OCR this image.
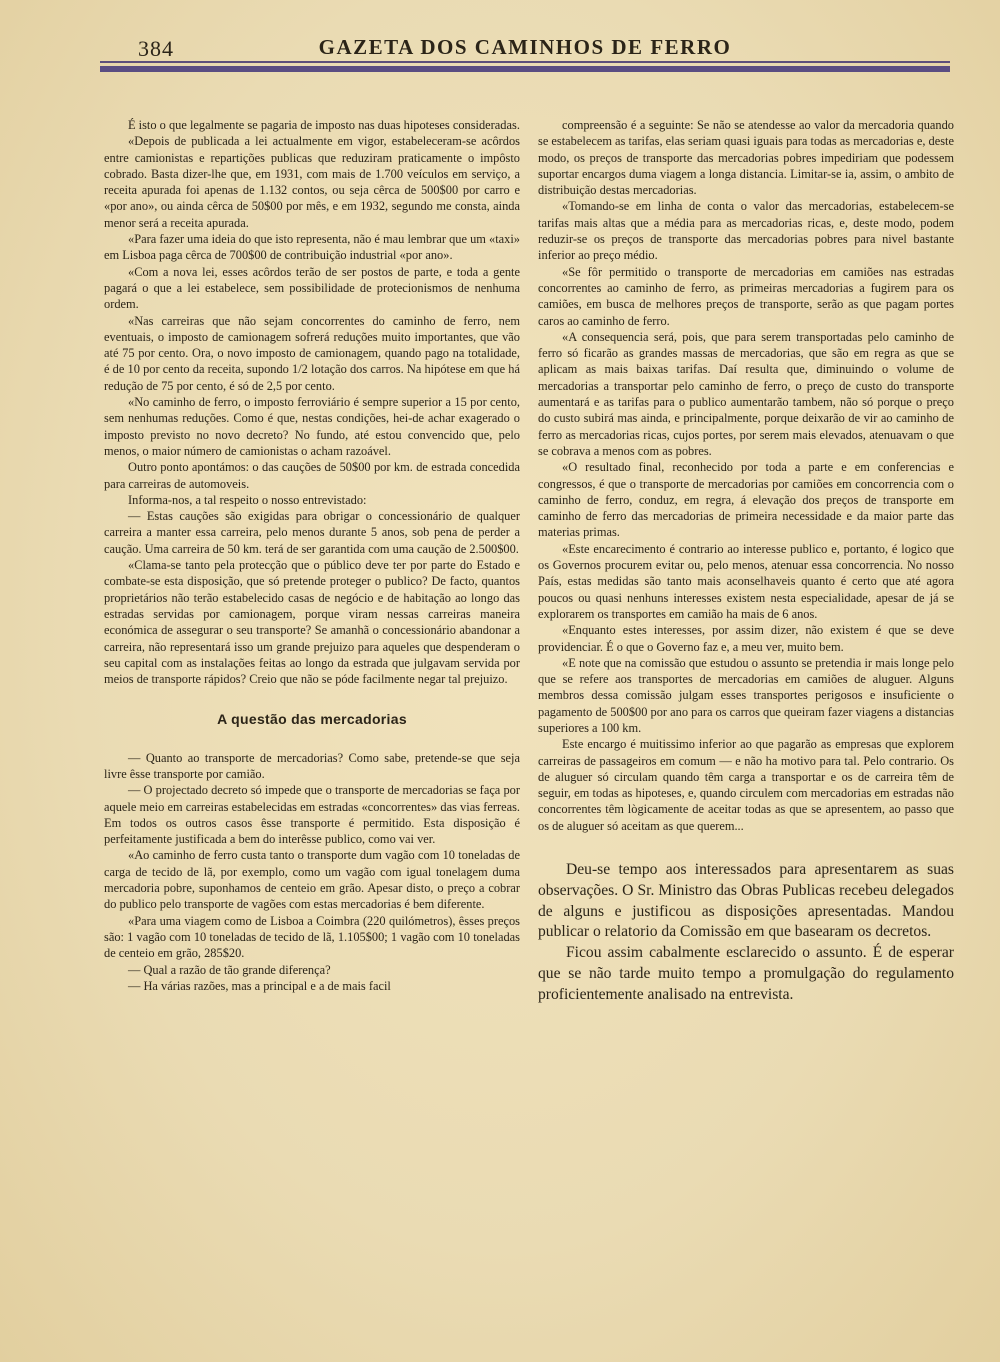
384	GAZETA DOS CAMINHOS DE FERRO

É isto o que legalmente se pagaria de imposto nas duas hipoteses consideradas.

«Depois de publicada a lei actualmente em vigor, estabeleceram-se acôrdos entre camionistas e repartições publicas que reduziram praticamente o impôsto cobrado. Basta dizer-lhe que, em 1931, com mais de 1.700 veículos em serviço, a receita apurada foi apenas de 1.132 contos, ou seja cêrca de 500$00 por carro e «por ano», ou ainda cêrca de 50$00 por mês, e em 1932, segundo me consta, ainda menor será a receita apurada.

«Para fazer uma ideia do que isto representa, não é mau lembrar que um «taxi» em Lisboa paga cêrca de 700$00 de contribuição industrial «por ano».

«Com a nova lei, esses acôrdos terão de ser postos de parte, e toda a gente pagará o que a lei estabelece, sem possibilidade de protecionismos de nenhuma ordem.

«Nas carreiras que não sejam concorrentes do caminho de ferro, nem eventuais, o imposto de camionagem sofrerá reduções muito importantes, que vão até 75 por cento. Ora, o novo imposto de camionagem, quando pago na totalidade, é de 10 por cento da receita, supondo 1/2 lotação dos carros. Na hipótese em que há redução de 75 por cento, é só de 2,5 por cento.

«No caminho de ferro, o imposto ferroviário é sempre superior a 15 por cento, sem nenhumas reduções. Como é que, nestas condições, hei-de achar exagerado o imposto previsto no novo decreto? No fundo, até estou convencido que, pelo menos, o maior número de camionistas o acham razoável.

Outro ponto apontámos: o das cauções de 50$00 por km. de estrada concedida para carreiras de automoveis.

Informa-nos, a tal respeito o nosso entrevistado:

— Estas cauções são exigidas para obrigar o concessionário de qualquer carreira a manter essa carreira, pelo menos durante 5 anos, sob pena de perder a caução. Uma carreira de 50 km. terá de ser garantida com uma caução de 2.500$00.

«Clama-se tanto pela protecção que o público deve ter por parte do Estado e combate-se esta disposição, que só pretende proteger o publico? De facto, quantos proprietários não terão estabelecido casas de negócio e de habitação ao longo das estradas servidas por camionagem, porque viram nessas carreiras maneira económica de assegurar o seu transporte? Se amanhã o concessionário abandonar a carreira, não representará isso um grande prejuizo para aqueles que despenderam o seu capital com as instalações feitas ao longo da estrada que julgavam servida por meios de transporte rápidos? Creio que não se póde facilmente negar tal prejuizo.

A questão das mercadorias

— Quanto ao transporte de mercadorias? Como sabe, pretende-se que seja livre êsse transporte por camião.

— O projectado decreto só impede que o transporte de mercadorias se faça por aquele meio em carreiras estabelecidas em estradas «concorrentes» das vias ferreas. Em todos os outros casos êsse transporte é permitido. Esta disposição é perfeitamente justificada a bem do interêsse publico, como vai ver.

«Ao caminho de ferro custa tanto o transporte dum vagão com 10 toneladas de carga de tecido de lã, por exemplo, como um vagão com igual tonelagem duma mercadoria pobre, suponhamos de centeio em grão. Apesar disto, o preço a cobrar do publico pelo transporte de vagões com estas mercadorias é bem diferente.

«Para uma viagem como de Lisboa a Coimbra (220 quilómetros), êsses preços são: 1 vagão com 10 toneladas de tecido de lã, 1.105$00; 1 vagão com 10 toneladas de centeio em grão, 285$20.

— Qual a razão de tão grande diferença?

— Ha várias razões, mas a principal e a de mais facil

compreensão é a seguinte: Se não se atendesse ao valor da mercadoria quando se estabelecem as tarifas, elas seriam quasi iguais para todas as mercadorias e, deste modo, os preços de transporte das mercadorias pobres impediriam que podessem suportar encargos duma viagem a longa distancia. Limitar-se ia, assim, o ambito de distribuição destas mercadorias.

«Tomando-se em linha de conta o valor das mercadorias, estabelecem-se tarifas mais altas que a média para as mercadorias ricas, e, deste modo, podem reduzir-se os preços de transporte das mercadorias pobres para nivel bastante inferior ao preço médio.

«Se fôr permitido o transporte de mercadorias em camiões nas estradas concorrentes ao caminho de ferro, as primeiras mercadorias a fugirem para os camiões, em busca de melhores preços de transporte, serão as que pagam portes caros ao caminho de ferro.

«A consequencia será, pois, que para serem transportadas pelo caminho de ferro só ficarão as grandes massas de mercadorias, que são em regra as que se aplicam as mais baixas tarifas. Daí resulta que, diminuindo o volume de mercadorias a transportar pelo caminho de ferro, o preço de custo do transporte aumentará e as tarifas para o publico aumentarão tambem, não só porque o preço do custo subirá mas ainda, e principalmente, porque deixarão de vir ao caminho de ferro as mercadorias ricas, cujos portes, por serem mais elevados, atenuavam o que se cobrava a menos com as pobres.

«O resultado final, reconhecido por toda a parte e em conferencias e congressos, é que o transporte de mercadorias por camiões em concorrencia com o caminho de ferro, conduz, em regra, á elevação dos preços de transporte em caminho de ferro das mercadorias de primeira necessidade e da maior parte das materias primas.

«Este encarecimento é contrario ao interesse publico e, portanto, é logico que os Governos procurem evitar ou, pelo menos, atenuar essa concorrencia. No nosso País, estas medidas são tanto mais aconselhaveis quanto é certo que até agora poucos ou quasi nenhuns interesses existem nesta especialidade, apesar de já se explorarem os transportes em camião ha mais de 6 anos.

«Enquanto estes interesses, por assim dizer, não existem é que se deve providenciar. É o que o Governo faz e, a meu ver, muito bem.

«E note que na comissão que estudou o assunto se pretendia ir mais longe pelo que se refere aos transportes de mercadorias em camiões de aluguer. Alguns membros dessa comissão julgam esses transportes perigosos e insuficiente o pagamento de 500$00 por ano para os carros que queiram fazer viagens a distancias superiores a 100 km.

Este encargo é muitissimo inferior ao que pagarão as empresas que explorem carreiras de passageiros em comum — e não ha motivo para tal. Pelo contrario. Os de aluguer só circulam quando têm carga a transportar e os de carreira têm de seguir, em todas as hipoteses, e, quando circulem com mercadorias em estradas não concorrentes têm lògicamente de aceitar todas as que se apresentem, ao passo que os de aluguer só aceitam as que querem...

Deu-se tempo aos interessados para apresentarem as suas observações. O Sr. Ministro das Obras Publicas recebeu delegados de alguns e justificou as disposições apresentadas. Mandou publicar o relatorio da Comissão em que basearam os decretos.

Ficou assim cabalmente esclarecido o assunto. É de esperar que se não tarde muito tempo a promulgação do regulamento proficientemente analisado na entrevista.
